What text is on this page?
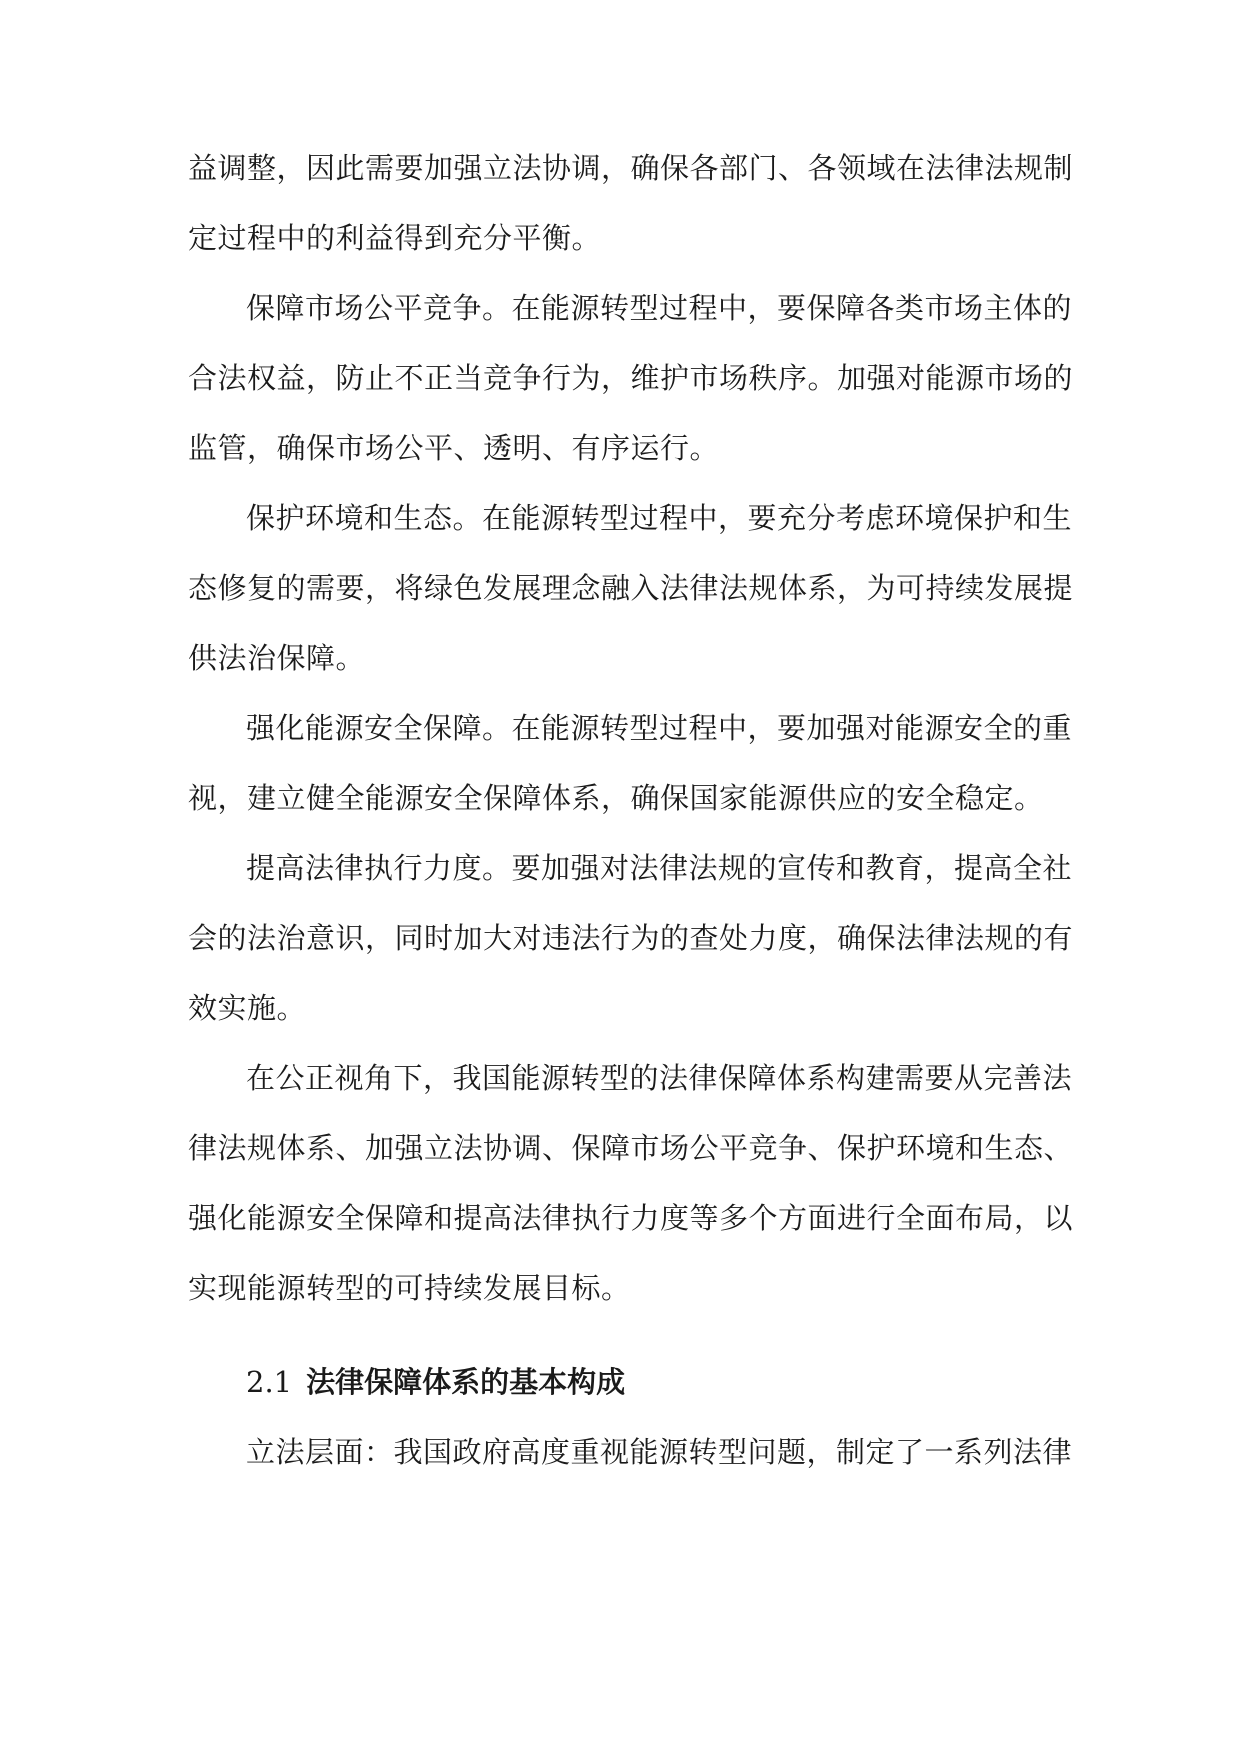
益调整，因此需要加强立法协调，确保各部门、各领域在法律法规制
定过程中的利益得到充分平衡。
保障市场公平竞争。在能源转型过程中，要保障各类市场主体的
合法权益，防止不正当竞争行为，维护市场秩序。加强对能源市场的
监管，确保市场公平、透明、有序运行。
保护环境和生态。在能源转型过程中，要充分考虑环境保护和生
态修复的需要，将绿色发展理念融入法律法规体系，为可持续发展提
供法治保障。
强化能源安全保障。在能源转型过程中，要加强对能源安全的重
视，建立健全能源安全保障体系，确保国家能源供应的安全稳定。
提高法律执行力度。要加强对法律法规的宣传和教育，提高全社
会的法治意识，同时加大对违法行为的查处力度，确保法律法规的有
效实施。
在公正视角下，我国能源转型的法律保障体系构建需要从完善法
律法规体系、加强立法协调、保障市场公平竞争、保护环境和生态、
强化能源安全保障和提高法律执行力度等多个方面进行全面布局，以
实现能源转型的可持续发展目标。
2.1 法律保障体系的基本构成
立法层面：我国政府高度重视能源转型问题，制定了一系列法律
